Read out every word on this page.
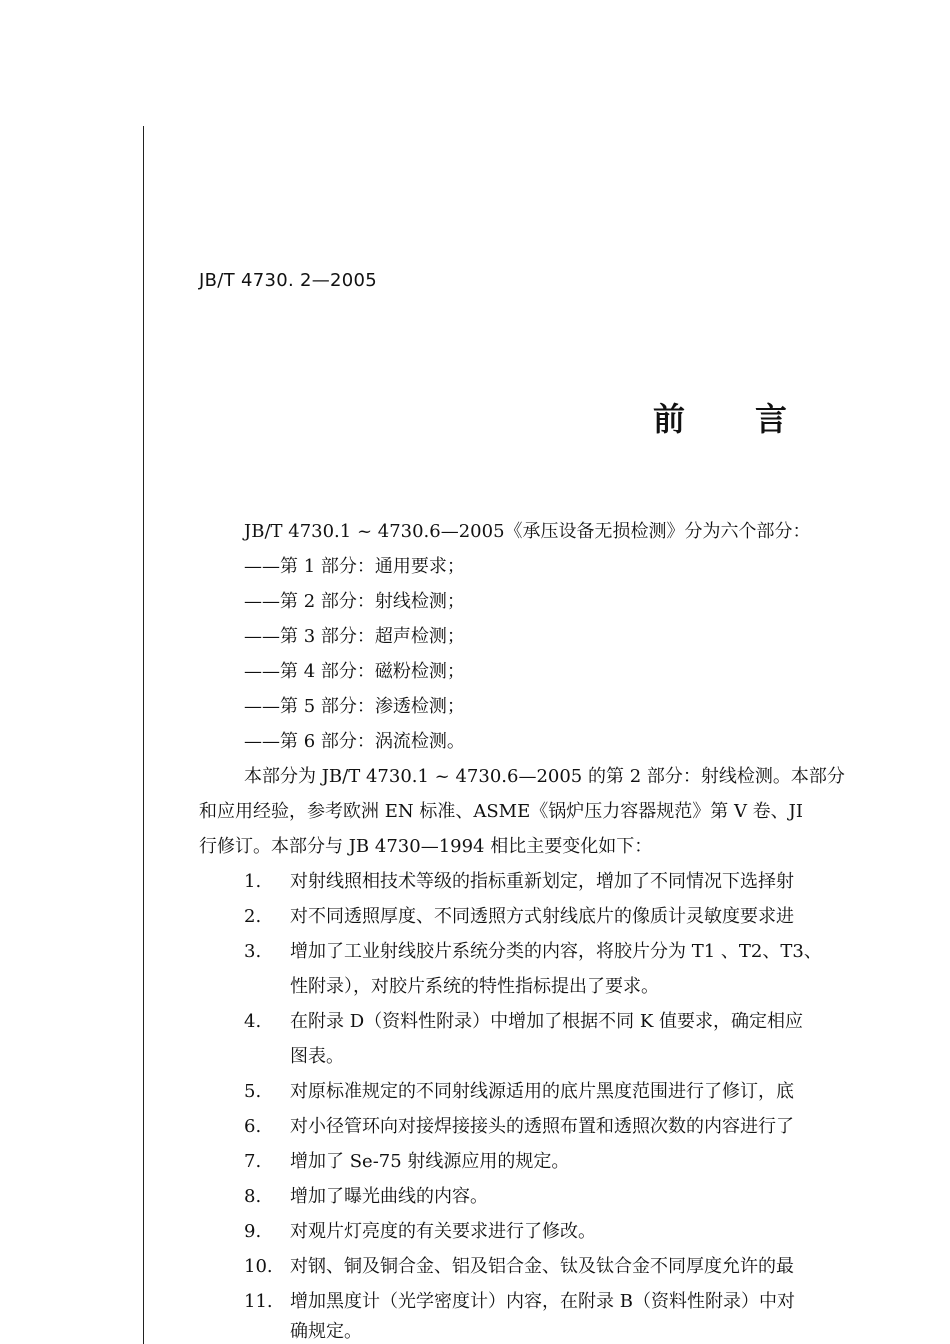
JB/T 4730. 2—2005
前 言
JB/T 4730.1 ~ 4730.6—2005《承压设备无损检测》分为六个部分：
——第 1 部分：通用要求；
——第 2 部分：射线检测；
——第 3 部分：超声检测；
——第 4 部分：磁粉检测；
——第 5 部分：渗透检测；
——第 6 部分：涡流检测。
本部分为 JB/T 4730.1 ~ 4730.6—2005 的第 2 部分：射线检测。本部分
和应用经验，参考欧洲 EN 标准、ASME《锅炉压力容器规范》第 V 卷、JI
行修订。本部分与 JB 4730—1994 相比主要变化如下：
1. 对射线照相技术等级的指标重新划定，增加了不同情况下选择射
2. 对不同透照厚度、不同透照方式射线底片的像质计灵敏度要求进
3. 增加了工业射线胶片系统分类的内容，将胶片分为 T1 、T2、T3、
性附录），对胶片系统的特性指标提出了要求。
4. 在附录 D（资料性附录）中增加了根据不同 K 值要求，确定相应
图表。
5. 对原标准规定的不同射线源适用的底片黑度范围进行了修订，底
6. 对小径管环向对接焊接接头的透照布置和透照次数的内容进行了
7. 增加了 Se-75 射线源应用的规定。
8. 增加了曝光曲线的内容。
9. 对观片灯亮度的有关要求进行了修改。
10. 对钢、铜及铜合金、铝及铝合金、钛及钛合金不同厚度允许的最
11. 增加黑度计（光学密度计）内容，在附录 B（资料性附录）中对
确规定。
